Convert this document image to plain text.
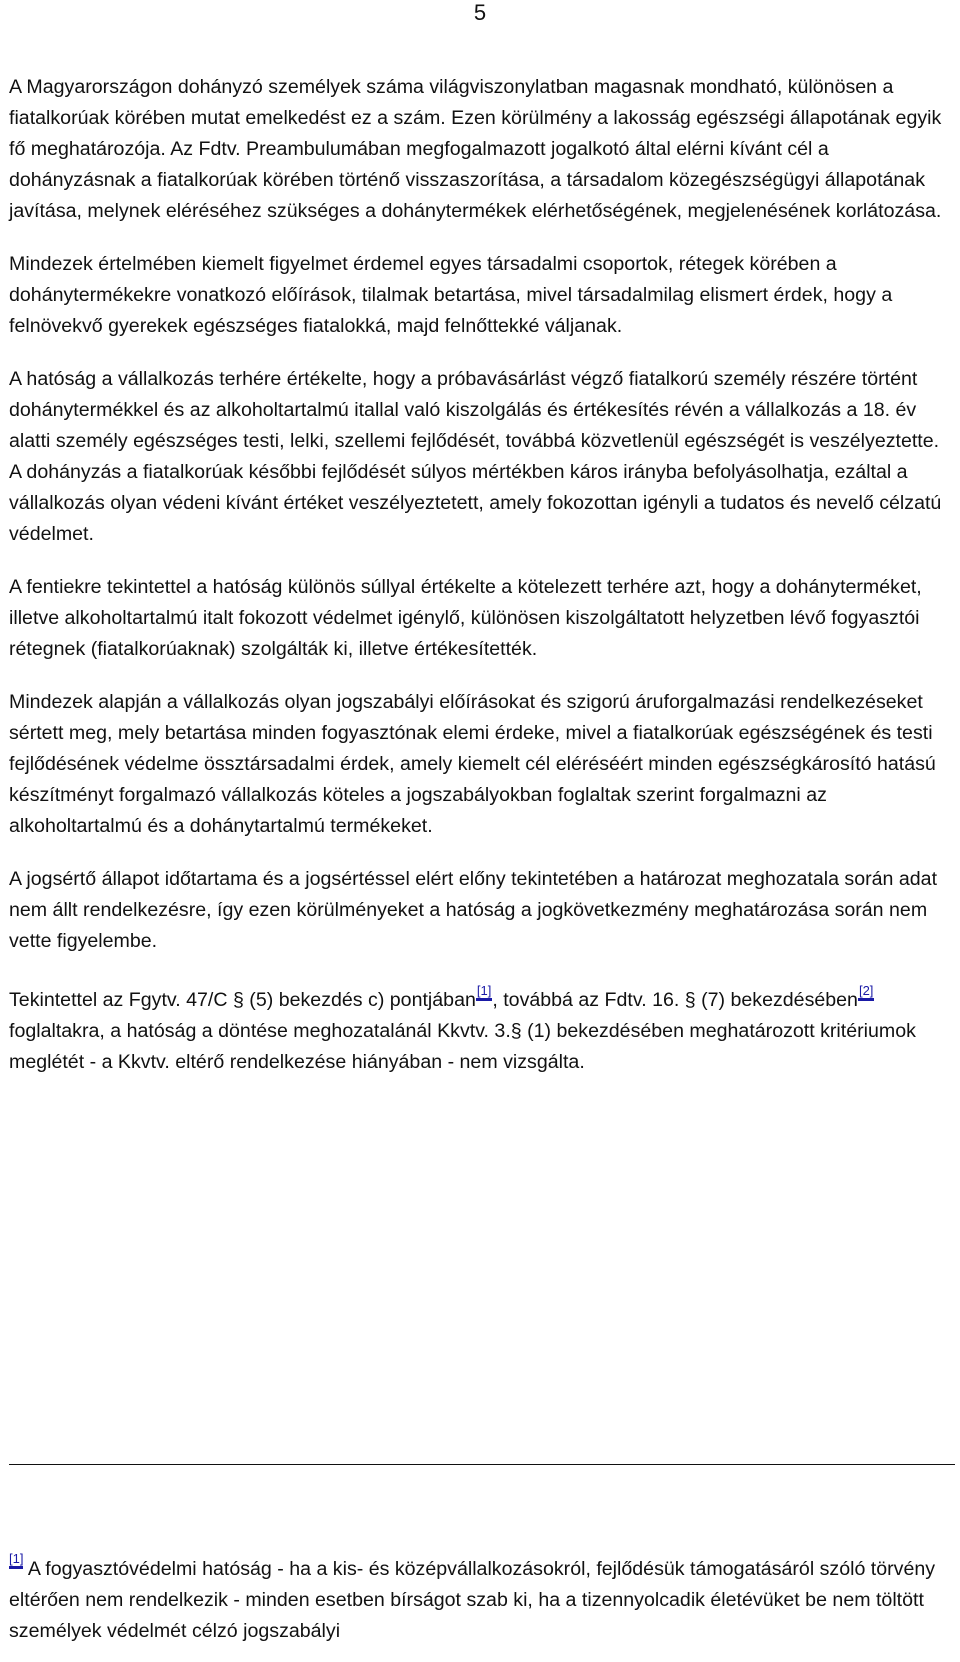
5

A Magyarországon dohányzó személyek száma világviszonylatban magasnak mondható, különösen a fiatalkorúak körében mutat emelkedést ez a szám. Ezen körülmény a lakosság egészségi állapotának egyik fő meghatározója. Az Fdtv. Preambulumában megfogalmazott jogalkotó által elérni kívánt cél a dohányzásnak a fiatalkorúak körében történő visszaszorítása, a társadalom közegészségügyi állapotának javítása, melynek eléréséhez szükséges a dohánytermékek elérhetőségének, megjelenésének korlátozása.

Mindezek értelmében kiemelt figyelmet érdemel egyes társadalmi csoportok, rétegek körében a dohánytermékekre vonatkozó előírások, tilalmak betartása, mivel társadalmilag elismert érdek, hogy a felnövekvő gyerekek egészséges fiatalokká, majd felnőttekké váljanak.

A hatóság a vállalkozás terhére értékelte, hogy a próbavásárlást végző fiatalkorú személy részére történt dohánytermékkel és az alkoholtartalmú itallal való kiszolgálás és értékesítés révén a vállalkozás a 18. év alatti személy egészséges testi, lelki, szellemi fejlődését, továbbá közvetlenül egészségét is veszélyeztette. A dohányzás a fiatalkorúak későbbi fejlődését súlyos mértékben káros irányba befolyásolhatja, ezáltal a vállalkozás olyan védeni kívánt értéket veszélyeztetett, amely fokozottan igényli a tudatos és nevelő célzatú védelmet.

A fentiekre tekintettel a hatóság különös súllyal értékelte a kötelezett terhére azt, hogy a dohányterméket, illetve alkoholtartalmú italt fokozott védelmet igénylő, különösen kiszolgáltatott helyzetben lévő fogyasztói rétegnek (fiatalkorúaknak) szolgálták ki, illetve értékesítették.

Mindezek alapján a vállalkozás olyan jogszabályi előírásokat és szigorú áruforgalmazási rendelkezéseket sértett meg, mely betartása minden fogyasztónak elemi érdeke, mivel a fiatalkorúak egészségének és testi fejlődésének védelme össztársadalmi érdek, amely kiemelt cél eléréséért minden egészségkárosító hatású készítményt forgalmazó vállalkozás köteles a jogszabályokban foglaltak szerint forgalmazni az alkoholtartalmú és a dohánytartalmú termékeket.

A jogsértő állapot időtartama és a jogsértéssel elért előny tekintetében a határozat meghozatala során adat nem állt rendelkezésre, így ezen körülményeket a hatóság a jogkövetkezmény meghatározása során nem vette figyelembe.

Tekintettel az Fgytv. 47/C § (5) bekezdés c) pontjában[1], továbbá az Fdtv. 16. § (7) bekezdésében[2] foglaltakra, a hatóság a döntése meghozatalánál Kkvtv. 3.§ (1) bekezdésében meghatározott kritériumok meglétét - a Kkvtv. eltérő rendelkezése hiányában - nem vizsgálta.

[1] A fogyasztóvédelmi hatóság - ha a kis- és középvállalkozásokról, fejlődésük támogatásáról szóló törvény eltérően nem rendelkezik - minden esetben bírságot szab ki, ha a tizennyolcadik életévüket be nem töltött személyek védelmét célzó jogszabályi
